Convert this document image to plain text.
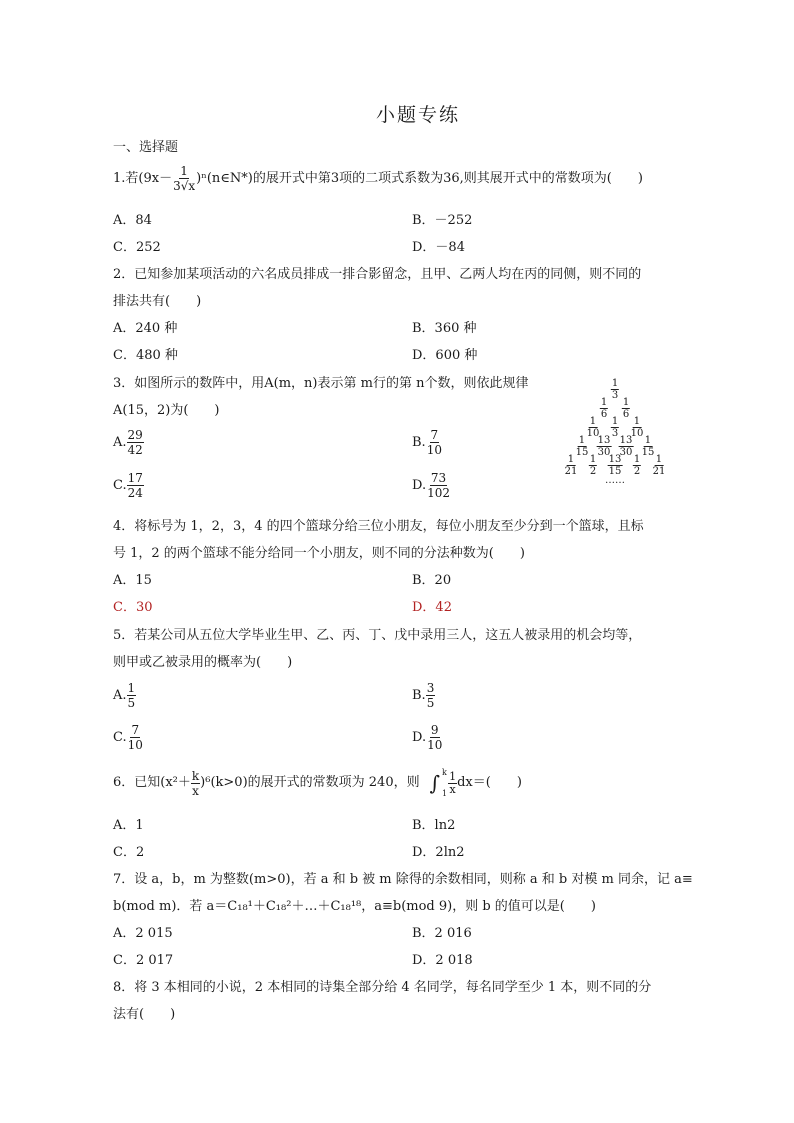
小题专练
一、选择题
1.若($9x- \frac{1}{3√x}$ )ⁿ(n∈N*)的展开式中第3项的二项式系数为36,则其展开式中的常数项为(　　)
A．84	B．－252
C．252	D．－84
2．已知参加某项活动的六名成员排成一排合影留念，且甲、乙两人均在丙的同侧，则不同的
排法共有(　　)
A．240 种	B．360 种
C．480 种	D．600 种
3．如图所示的数阵中，用A(m，n)表示第 m行的第 n个数，则依此规律
A(15，2)为(　　)
A. $\frac{29}{42}$	B. $\frac{7}{10}$
C. $\frac{17}{24}$	D. $\frac{73}{102}$
$\frac{1}{3}$
$\frac{1}{6} \frac{1}{6}$
$\frac{1}{10} \frac{1}{3} \frac{1}{10}$
$\frac{1}{15} \frac{13}{30} \frac{13}{30} \frac{1}{15}$
$\frac{1}{21} \frac{1}{2} \frac{13}{15} \frac{1}{2} \frac{1}{21}$
……
4．将标号为 1，2，3，4 的四个篮球分给三位小朋友，每位小朋友至少分到一个篮球，且标
号 1，2 的两个篮球不能分给同一个小朋友，则不同的分法种数为(　　)
A．15	B．20
C．30	D．42
5．若某公司从五位大学毕业生甲、乙、丙、丁、戊中录用三人，这五人被录用的机会均等，
则甲或乙被录用的概率为(　　)
A. $\frac{1}{5}$	B. $\frac{3}{5}$
C. $\frac{7}{10}$	D. $\frac{9}{10}$
6．已知$(x^2+ \frac{k}{x} )^6(k>0)$的展开式的常数项为 240，则 ∫ k
$1 \frac{1}{x} dx=$(　　)
A．1	B．ln2
C．2	D．2ln2
7．设 a，b，m 为整数(m>0)，若 a 和 b 被 m 除得的余数相同，则称 a 和 b 对模 m 同余，记 a≡
b(mod m)．若 a＝C₁₈¹＋C₁₈²＋…＋C₁₈¹⁸，a≡b(mod 9)，则 b 的值可以是(　　)
A．2 015	B．2 016
C．2 017	D．2 018
8．将 3 本相同的小说，2 本相同的诗集全部分给 4 名同学，每名同学至少 1 本，则不同的分
法有(　　)
